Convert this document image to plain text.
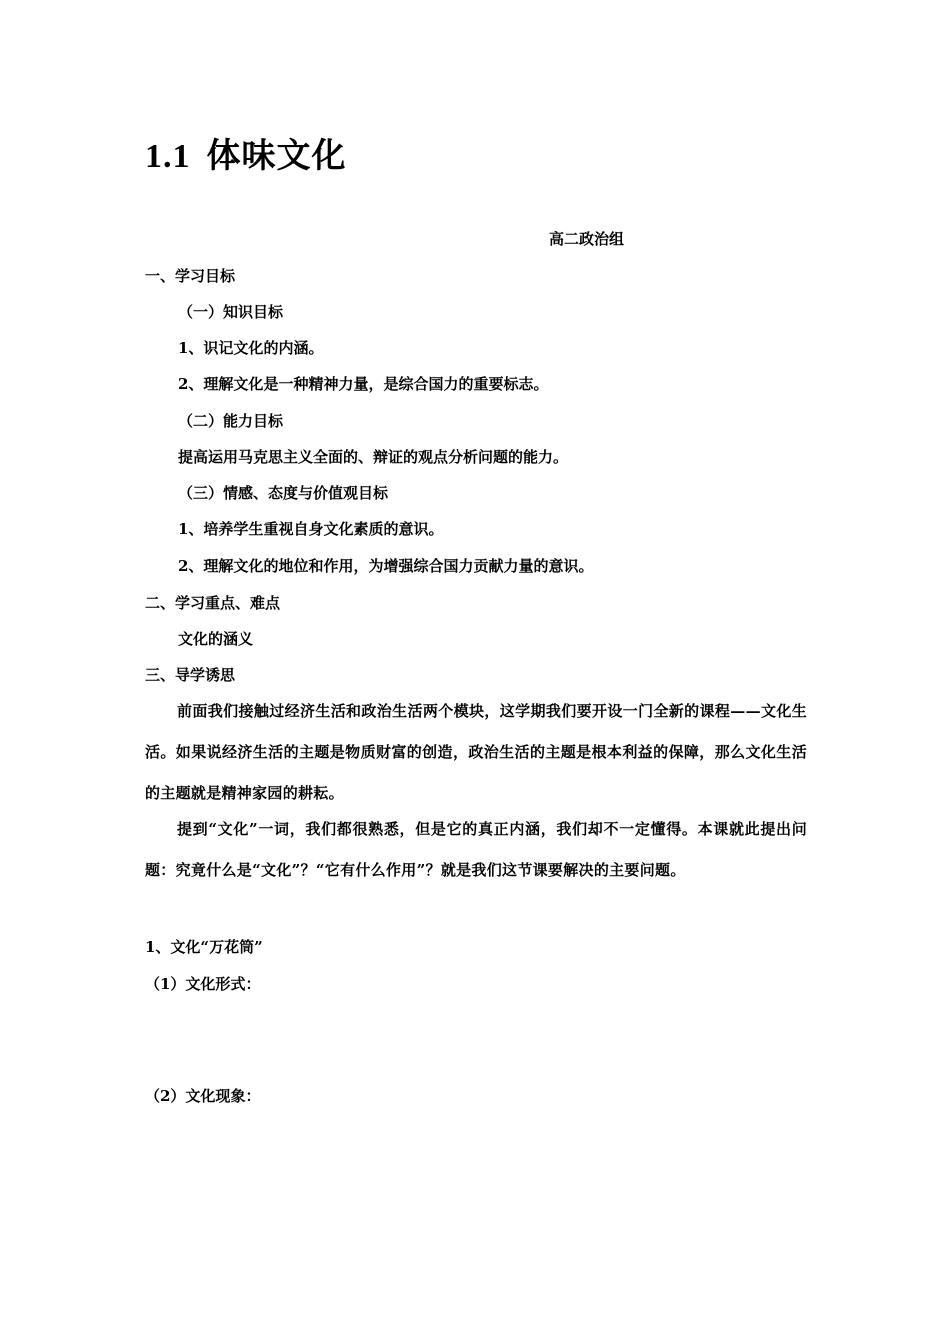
1.1 体味文化
高二政治组
一、学习目标
（一）知识目标
1、识记文化的内涵。
2、理解文化是一种精神力量，是综合国力的重要标志。
（二）能力目标
提高运用马克思主义全面的、辩证的观点分析问题的能力。
（三）情感、态度与价值观目标
1、培养学生重视自身文化素质的意识。
2、理解文化的地位和作用，为增强综合国力贡献力量的意识。
二、学习重点、难点
文化的涵义
三、导学诱思
前面我们接触过经济生活和政治生活两个模块，这学期我们要开设一门全新的课程——文化生活。如果说经济生活的主题是物质财富的创造，政治生活的主题是根本利益的保障，那么文化生活的主题就是精神家园的耕耘。
提到“文化”一词，我们都很熟悉，但是它的真正内涵，我们却不一定懂得。本课就此提出问题：究竟什么是“文化”？“它有什么作用”？就是我们这节课要解决的主要问题。
1、文化“万花筒”
（1）文化形式：
（2）文化现象：
